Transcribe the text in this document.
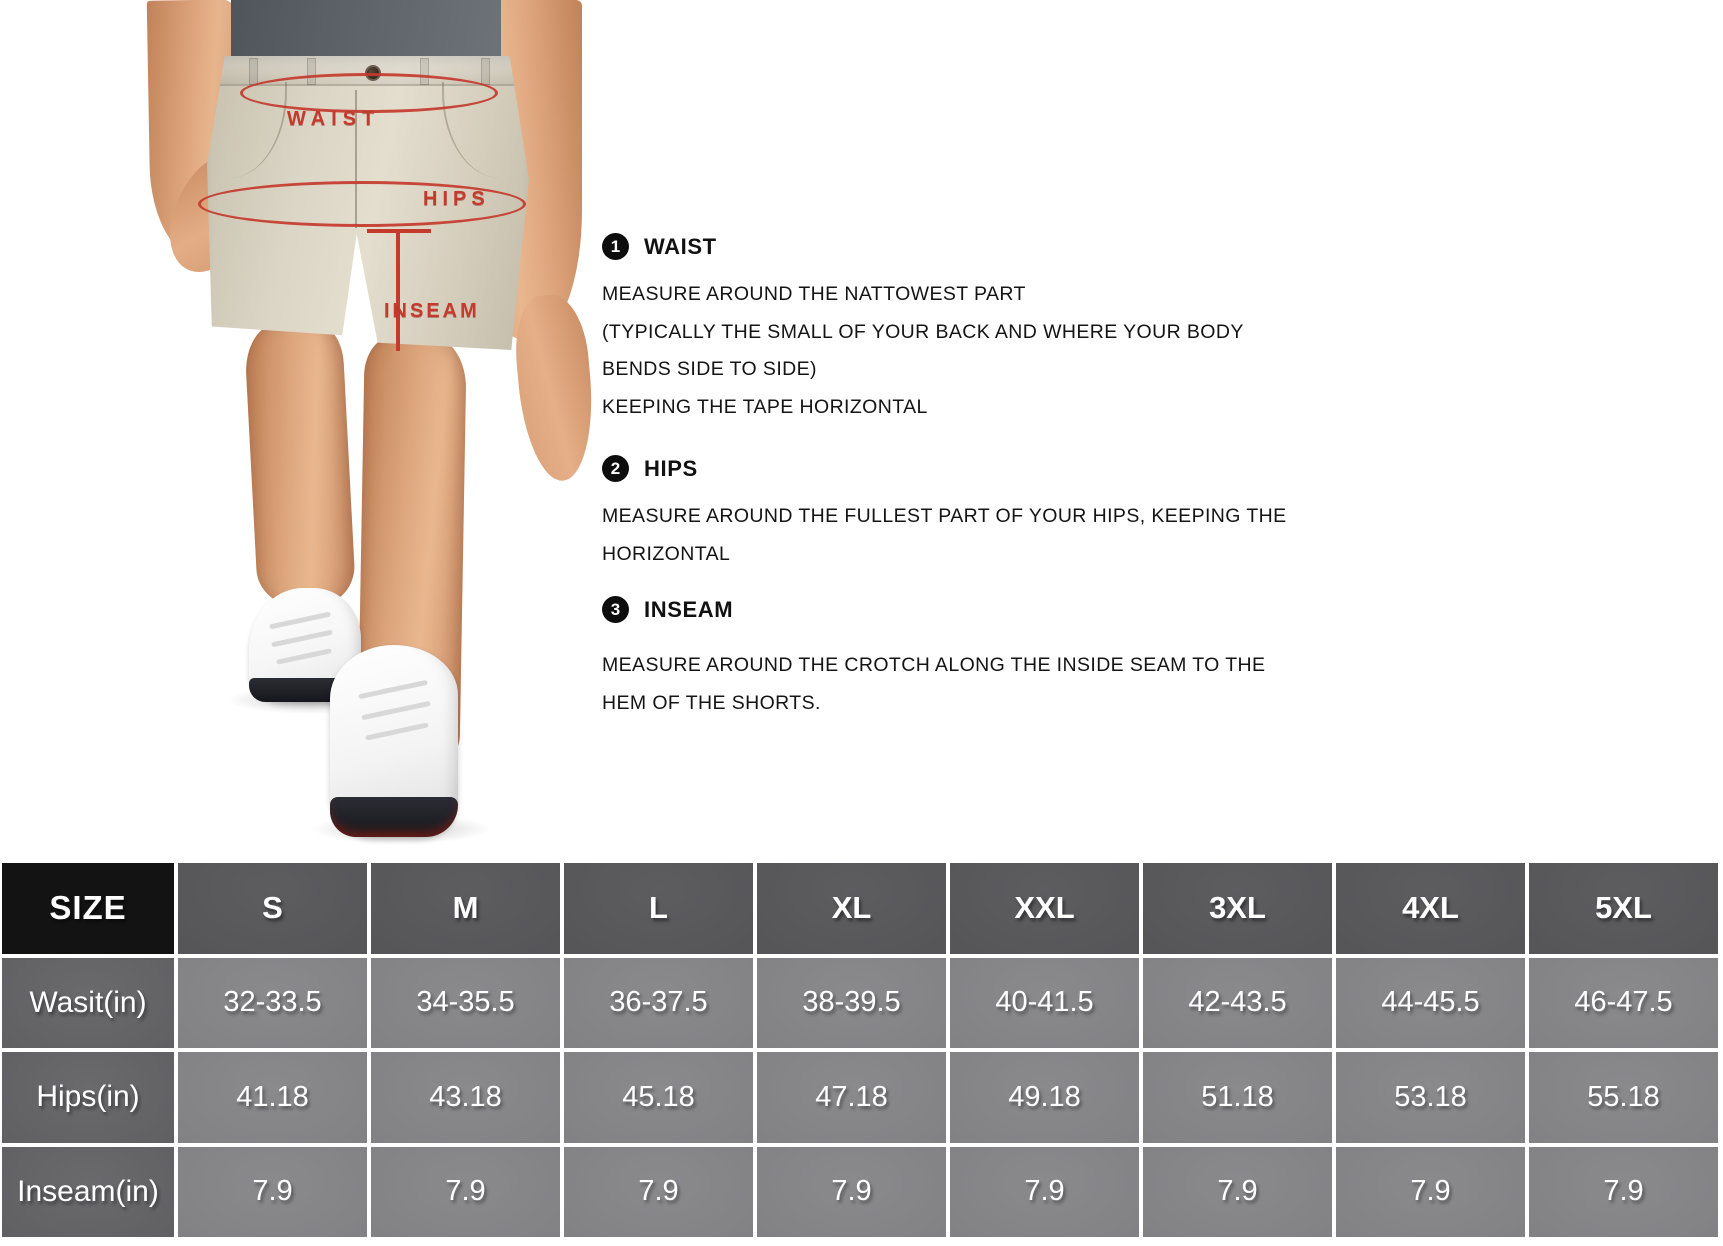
WAIST
HIPS
INSEAM
1	WAIST
MEASURE AROUND THE NATTOWEST PART
(TYPICALLY THE SMALL OF YOUR BACK AND WHERE YOUR BODY
BENDS SIDE TO SIDE)
KEEPING THE TAPE HORIZONTAL
2	HIPS
MEASURE AROUND THE FULLEST PART OF YOUR HIPS, KEEPING THE
HORIZONTAL
3	INSEAM
MEASURE AROUND THE CROTCH ALONG THE INSIDE SEAM TO THE
HEM OF THE SHORTS.
SIZE	S	M	L	XL	XXL	3XL	4XL	5XL
Wasit(in)	32-33.5	34-35.5	36-37.5	38-39.5	40-41.5	42-43.5	44-45.5	46-47.5
Hips(in)	41.18	43.18	45.18	47.18	49.18	51.18	53.18	55.18
Inseam(in)	7.9	7.9	7.9	7.9	7.9	7.9	7.9	7.9
